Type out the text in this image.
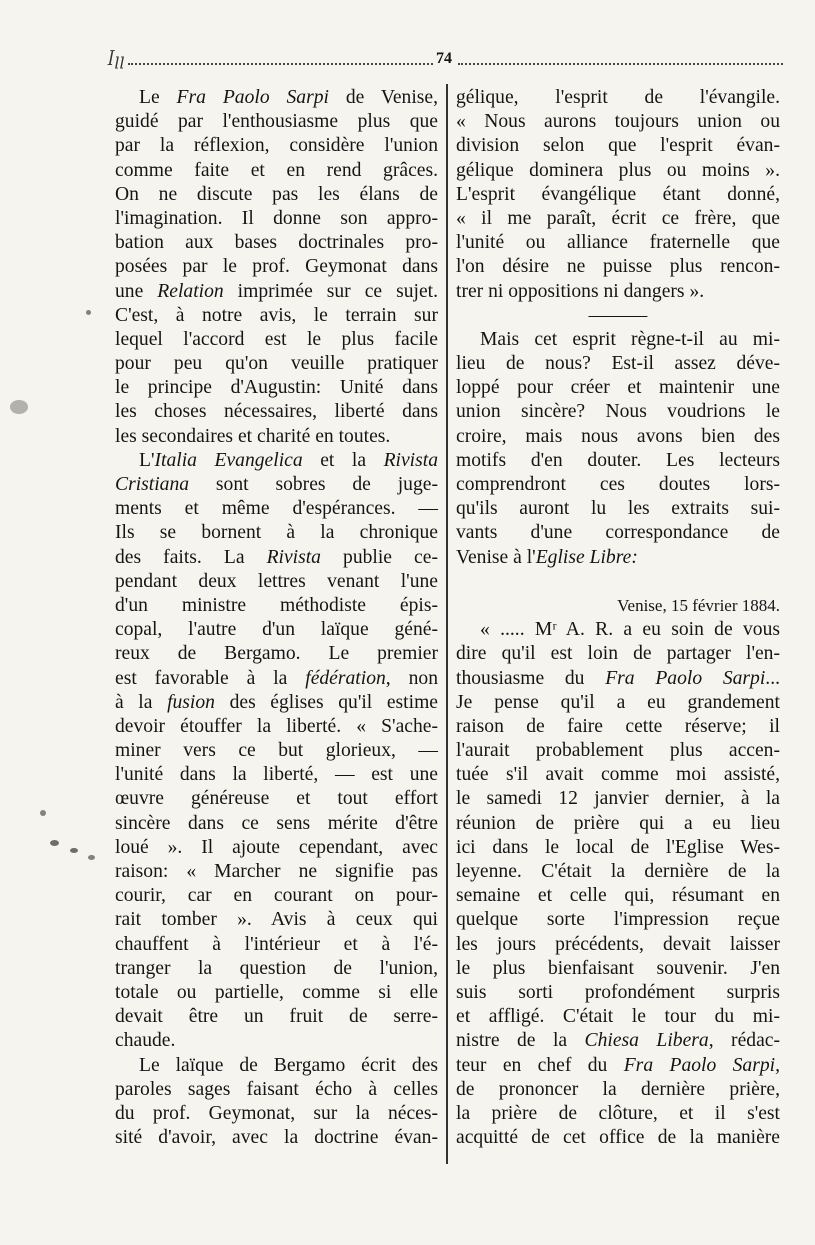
ꟾꞁꞁ	74
Le Fra Paolo Sarpi de Venise,
guidé par l'enthousiasme plus que
par la réflexion, considère l'union
comme faite et en rend grâces.
On ne discute pas les élans de
l'imagination. Il donne son appro-
bation aux bases doctrinales pro-
posées par le prof. Geymonat dans
une Relation imprimée sur ce sujet.
C'est, à notre avis, le terrain sur
lequel l'accord est le plus facile
pour peu qu'on veuille pratiquer
le principe d'Augustin: Unité dans
les choses nécessaires, liberté dans
les secondaires et charité en toutes.
L'Italia Evangelica et la Rivista
Cristiana sont sobres de juge-
ments et même d'espérances. —
Ils se bornent à la chronique
des faits. La Rivista publie ce-
pendant deux lettres venant l'une
d'un ministre méthodiste épis-
copal, l'autre d'un laïque géné-
reux de Bergamo. Le premier
est favorable à la fédération, non
à la fusion des églises qu'il estime
devoir étouffer la liberté. « S'ache-
miner vers ce but glorieux, —
l'unité dans la liberté, — est une
œuvre généreuse et tout effort
sincère dans ce sens mérite d'être
loué ». Il ajoute cependant, avec
raison: « Marcher ne signifie pas
courir, car en courant on pour-
rait tomber ». Avis à ceux qui
chauffent à l'intérieur et à l'é-
tranger la question de l'union,
totale ou partielle, comme si elle
devait être un fruit de serre-
chaude.
Le laïque de Bergamo écrit des
paroles sages faisant écho à celles
du prof. Geymonat, sur la néces-
sité d'avoir, avec la doctrine évan-
gélique, l'esprit de l'évangile.
« Nous aurons toujours union ou
division selon que l'esprit évan-
gélique dominera plus ou moins ».
L'esprit évangélique étant donné,
« il me paraît, écrit ce frère, que
l'unité ou alliance fraternelle que
l'on désire ne puisse plus rencon-
trer ni oppositions ni dangers ».
———
Mais cet esprit règne-t-il au mi-
lieu de nous? Est-il assez déve-
loppé pour créer et maintenir une
union sincère? Nous voudrions le
croire, mais nous avons bien des
motifs d'en douter. Les lecteurs
comprendront ces doutes lors-
qu'ils auront lu les extraits sui-
vants d'une correspondance de
Venise à l'Eglise Libre:
Venise, 15 février 1884.
« ..... Mʳ A. R. a eu soin de vous
dire qu'il est loin de partager l'en-
thousiasme du Fra Paolo Sarpi...
Je pense qu'il a eu grandement
raison de faire cette réserve; il
l'aurait probablement plus accen-
tuée s'il avait comme moi assisté,
le samedi 12 janvier dernier, à la
réunion de prière qui a eu lieu
ici dans le local de l'Eglise Wes-
leyenne. C'était la dernière de la
semaine et celle qui, résumant en
quelque sorte l'impression reçue
les jours précédents, devait laisser
le plus bienfaisant souvenir. J'en
suis sorti profondément surpris
et affligé. C'était le tour du mi-
nistre de la Chiesa Libera, rédac-
teur en chef du Fra Paolo Sarpi,
de prononcer la dernière prière,
la prière de clôture, et il s'est
acquitté de cet office de la manière
